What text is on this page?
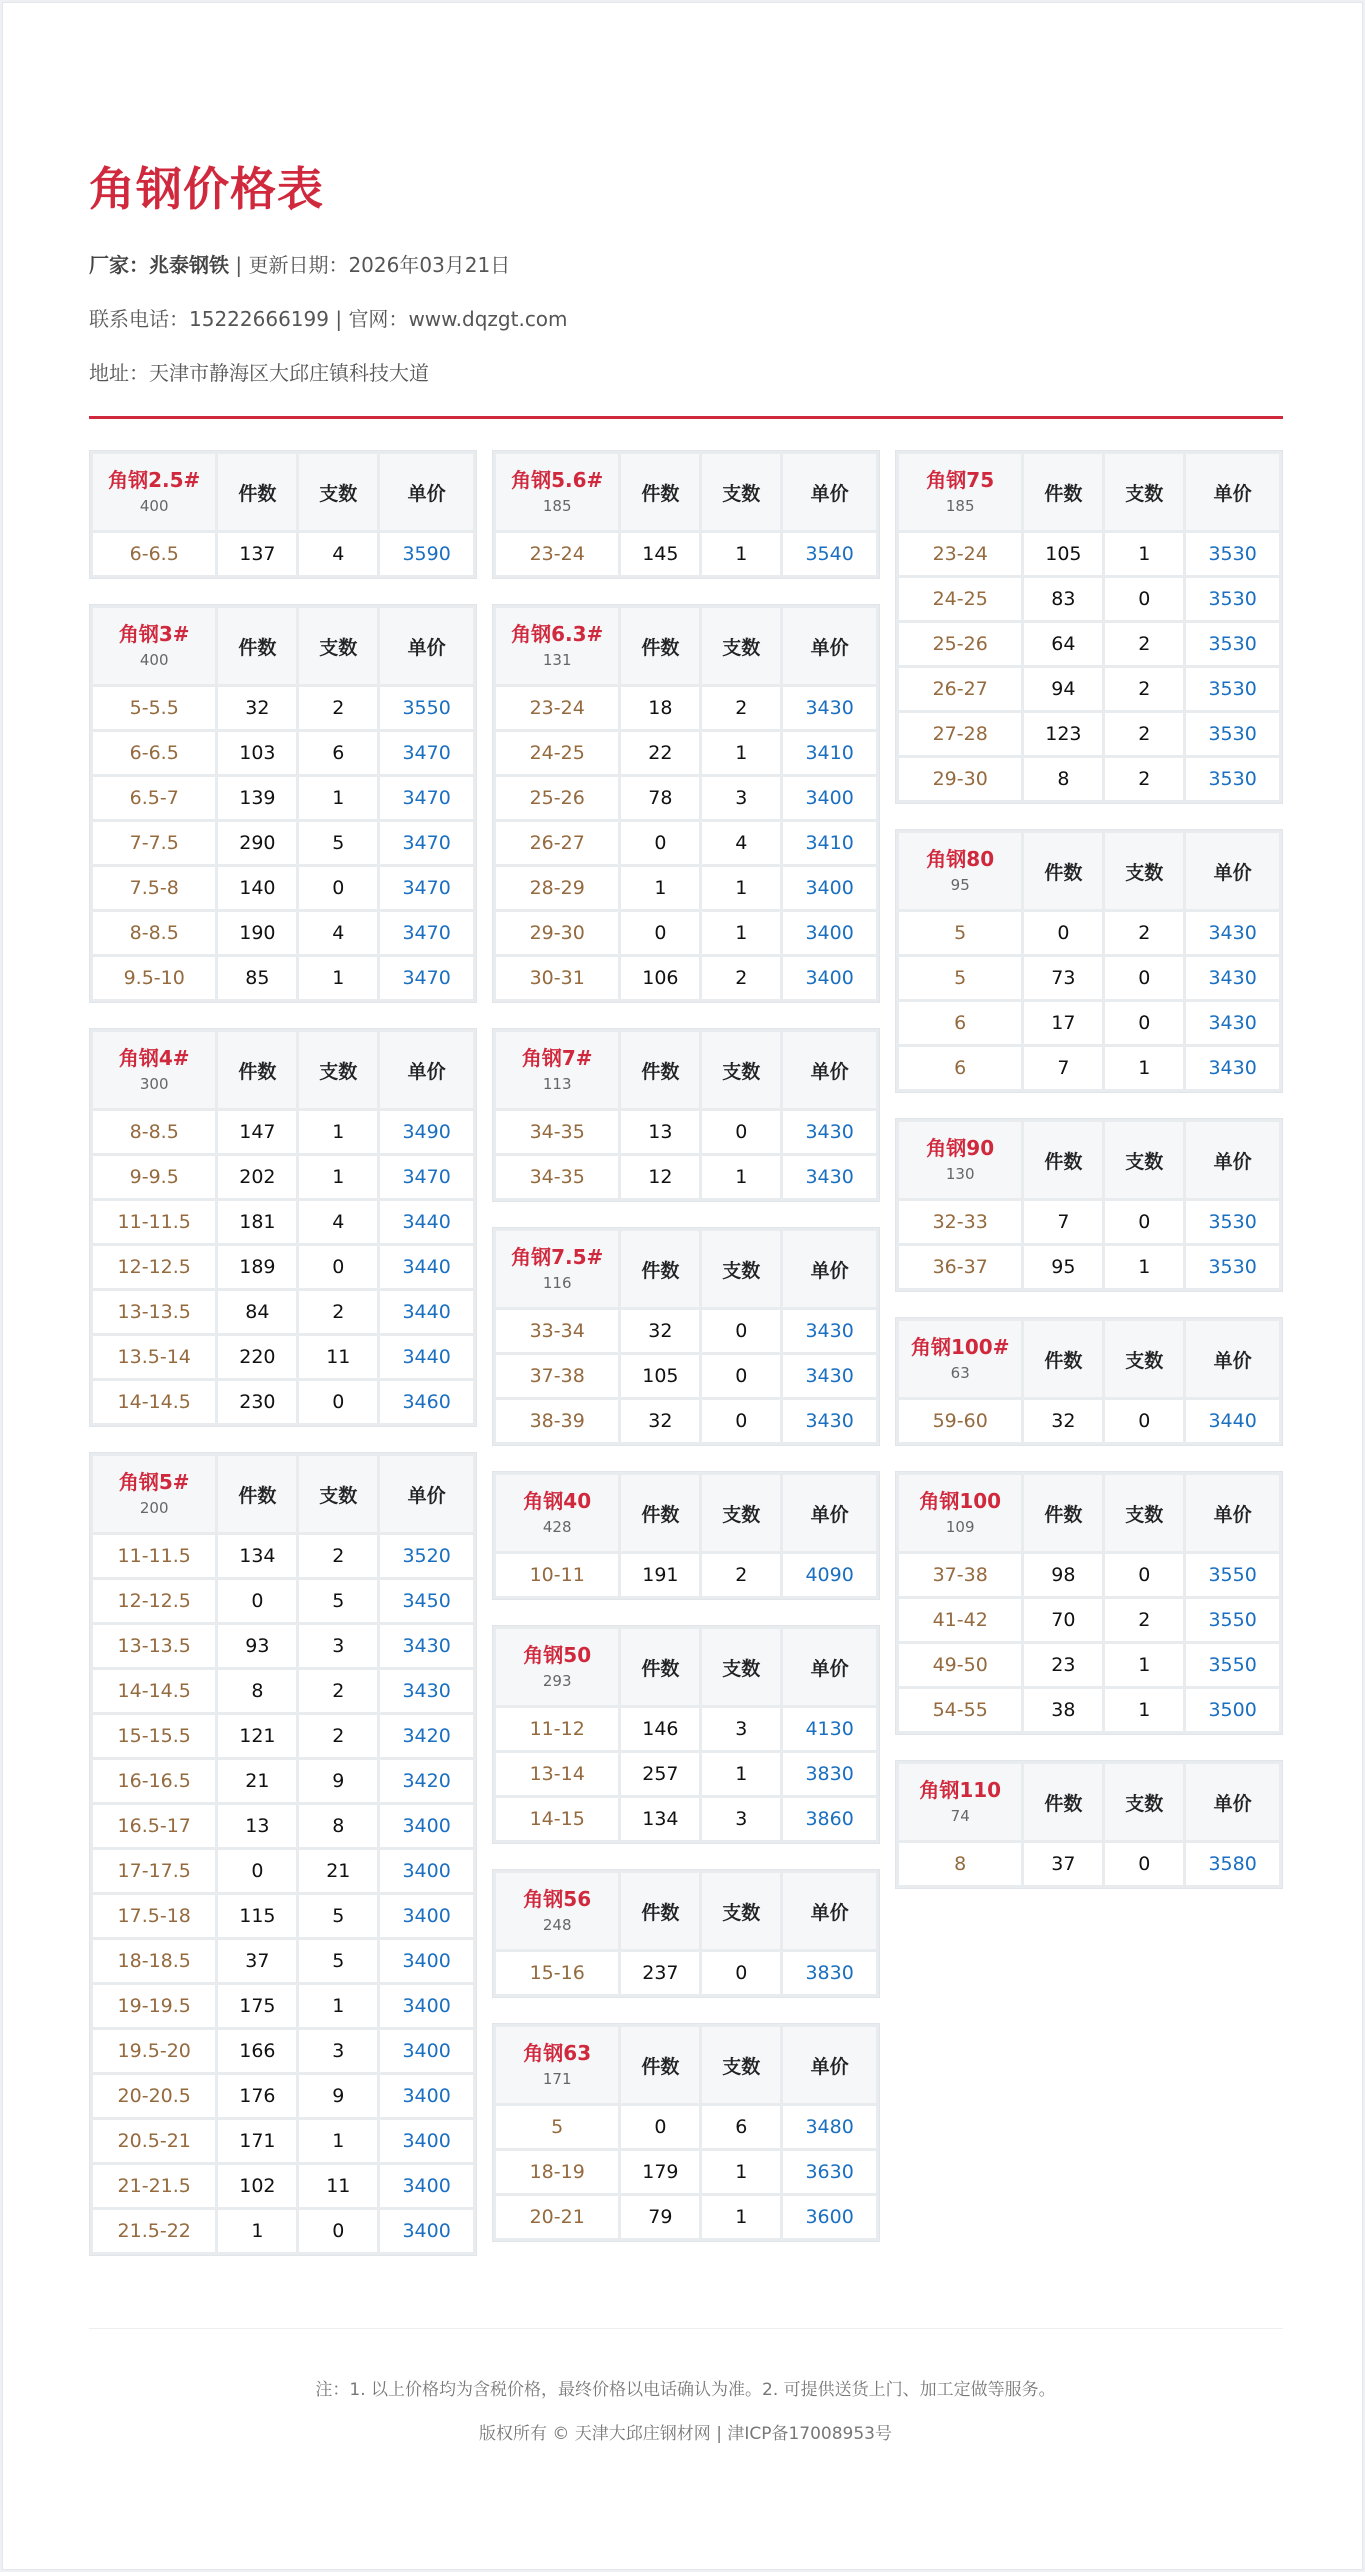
角钢价格表
厂家：兆泰钢铁 | 更新日期：2026年03月21日
联系电话：15222666199 | 官网：www.dqzgt.com
地址：天津市静海区大邱庄镇科技大道
角钢2.5#
400	件数	支数	单价
6-6.5	137	4	3590
角钢3#
400	件数	支数	单价
5-5.5	32	2	3550
6-6.5	103	6	3470
6.5-7	139	1	3470
7-7.5	290	5	3470
7.5-8	140	0	3470
8-8.5	190	4	3470
9.5-10	85	1	3470
角钢4#
300	件数	支数	单价
8-8.5	147	1	3490
9-9.5	202	1	3470
11-11.5	181	4	3440
12-12.5	189	0	3440
13-13.5	84	2	3440
13.5-14	220	11	3440
14-14.5	230	0	3460
角钢5#
200	件数	支数	单价
11-11.5	134	2	3520
12-12.5	0	5	3450
13-13.5	93	3	3430
14-14.5	8	2	3430
15-15.5	121	2	3420
16-16.5	21	9	3420
16.5-17	13	8	3400
17-17.5	0	21	3400
17.5-18	115	5	3400
18-18.5	37	5	3400
19-19.5	175	1	3400
19.5-20	166	3	3400
20-20.5	176	9	3400
20.5-21	171	1	3400
21-21.5	102	11	3400
21.5-22	1	0	3400
角钢5.6#
185	件数	支数	单价
23-24	145	1	3540
角钢6.3#
131	件数	支数	单价
23-24	18	2	3430
24-25	22	1	3410
25-26	78	3	3400
26-27	0	4	3410
28-29	1	1	3400
29-30	0	1	3400
30-31	106	2	3400
角钢7#
113	件数	支数	单价
34-35	13	0	3430
34-35	12	1	3430
角钢7.5#
116	件数	支数	单价
33-34	32	0	3430
37-38	105	0	3430
38-39	32	0	3430
角钢40
428	件数	支数	单价
10-11	191	2	4090
角钢50
293	件数	支数	单价
11-12	146	3	4130
13-14	257	1	3830
14-15	134	3	3860
角钢56
248	件数	支数	单价
15-16	237	0	3830
角钢63
171	件数	支数	单价
5	0	6	3480
18-19	179	1	3630
20-21	79	1	3600
角钢75
185	件数	支数	单价
23-24	105	1	3530
24-25	83	0	3530
25-26	64	2	3530
26-27	94	2	3530
27-28	123	2	3530
29-30	8	2	3530
角钢80
95	件数	支数	单价
5	0	2	3430
5	73	0	3430
6	17	0	3430
6	7	1	3430
角钢90
130	件数	支数	单价
32-33	7	0	3530
36-37	95	1	3530
角钢100#
63	件数	支数	单价
59-60	32	0	3440
角钢100
109	件数	支数	单价
37-38	98	0	3550
41-42	70	2	3550
49-50	23	1	3550
54-55	38	1	3500
角钢110
74	件数	支数	单价
8	37	0	3580
注：1. 以上价格均为含税价格，最终价格以电话确认为准。2. 可提供送货上门、加工定做等服务。
版权所有 © 天津大邱庄钢材网 | 津ICP备17008953号
